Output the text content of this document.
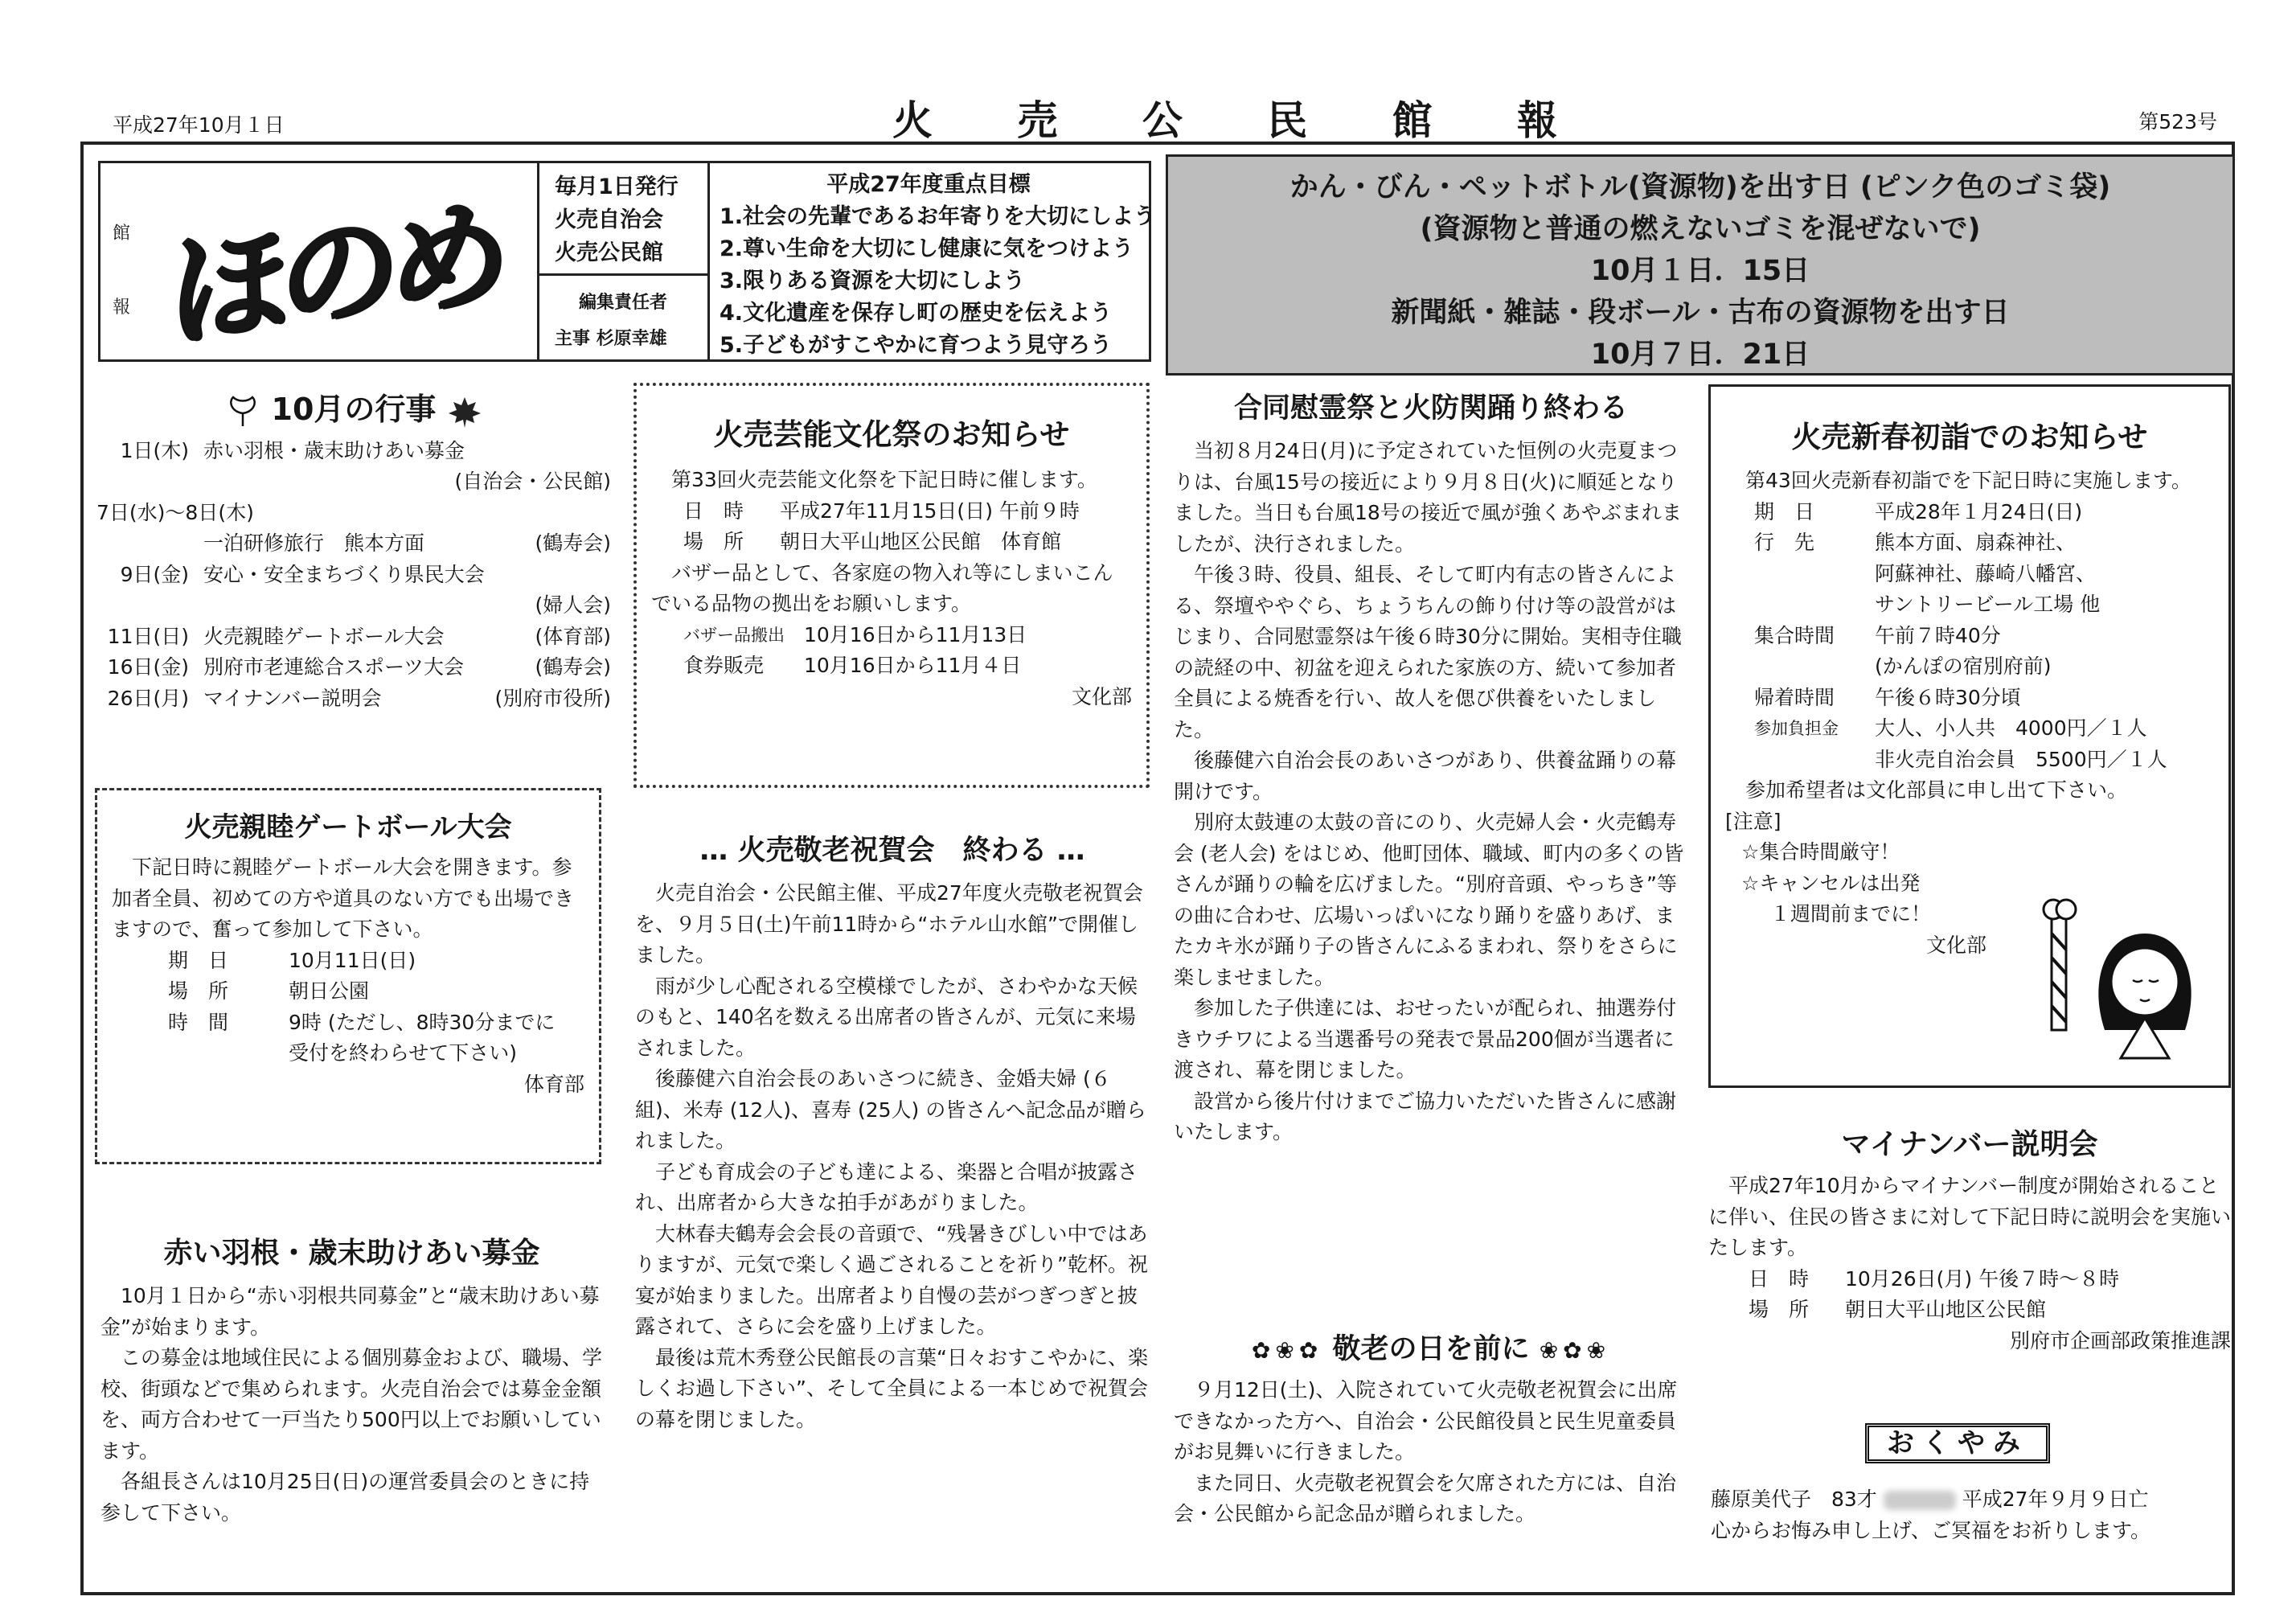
平成27年10月１日	火 売 公 民 館 報	第523号
館
報 ほのめ 毎月1日発行
火売自治会
火売公民館
編集責任者
主事 杉原幸雄
平成27年度重点目標
1.社会の先輩であるお年寄りを大切にしよう
2.尊い生命を大切にし健康に気をつけよう
3.限りある資源を大切にしよう
4.文化遺産を保存し町の歴史を伝えよう
5.子どもがすこやかに育つよう見守ろう
かん・びん・ペットボトル(資源物)を出す日 (ピンク色のゴミ袋)
(資源物と普通の燃えないゴミを混ぜないで)
10月１日．15日
新聞紙・雑誌・段ボール・古布の資源物を出す日
10月７日．21日
10月の行事
1日(木) 赤い羽根・歳末助けあい募金
(自治会・公民館)
7日(水)～8日(木)
一泊研修旅行　熊本方面	(鶴寿会)
9日(金) 安心・安全まちづくり県民大会
(婦人会)
11日(日) 火売親睦ゲートボール大会	(体育部)
16日(金) 別府市老連総合スポーツ大会	(鶴寿会)
26日(月) マイナンバー説明会	(別府市役所)
火売親睦ゲートボール大会
下記日時に親睦ゲートボール大会を開きます。参加者全員、初めての方や道具のない方でも出場できますので、奮って参加して下さい。
期　日	10月11日(日)
場　所	朝日公園
時　間	9時 (ただし、8時30分までに
受付を終わらせて下さい)
体育部
赤い羽根・歳末助けあい募金
10月１日から“赤い羽根共同募金”と“歳末助けあい募金”が始まります。
この募金は地域住民による個別募金および、職場、学校、街頭などで集められます。火売自治会では募金金額を、両方合わせて一戸当たり500円以上でお願いしています。
各組長さんは10月25日(日)の運営委員会のときに持参して下さい。
火売芸能文化祭のお知らせ
第33回火売芸能文化祭を下記日時に催します。
日　時	平成27年11月15日(日) 午前９時
場　所	朝日大平山地区公民館　体育館
バザー品として、各家庭の物入れ等にしまいこんでいる品物の拠出をお願いします。
バザー品搬出 10月16日から11月13日
食券販売	10月16日から11月４日
文化部
… 火売敬老祝賀会　終わる …
火売自治会・公民館主催、平成27年度火売敬老祝賀会を、９月５日(土)午前11時から“ホテル山水館”で開催しました。
雨が少し心配される空模様でしたが、さわやかな天候のもと、140名を数える出席者の皆さんが、元気に来場されました。
後藤健六自治会長のあいさつに続き、金婚夫婦 (６組)、米寿 (12人)、喜寿 (25人) の皆さんへ記念品が贈られました。
子ども育成会の子ども達による、楽器と合唱が披露され、出席者から大きな拍手があがりました。
大林春夫鶴寿会会長の音頭で、“残暑きびしい中ではありますが、元気で楽しく過ごされることを祈り”乾杯。祝宴が始まりました。出席者より自慢の芸がつぎつぎと披露されて、さらに会を盛り上げました。
最後は荒木秀登公民館長の言葉“日々おすこやかに、楽しくお過し下さい”、そして全員による一本じめで祝賀会の幕を閉じました。
合同慰霊祭と火防関踊り終わる
当初８月24日(月)に予定されていた恒例の火売夏まつりは、台風15号の接近により９月８日(火)に順延となりました。当日も台風18号の接近で風が強くあやぶまれましたが、決行されました。
午後３時、役員、組長、そして町内有志の皆さんによる、祭壇ややぐら、ちょうちんの飾り付け等の設営がはじまり、合同慰霊祭は午後６時30分に開始。実相寺住職の読経の中、初盆を迎えられた家族の方、続いて参加者全員による焼香を行い、故人を偲び供養をいたしました。
後藤健六自治会長のあいさつがあり、供養盆踊りの幕開けです。
別府太鼓連の太鼓の音にのり、火売婦人会・火売鶴寿会 (老人会) をはじめ、他町団体、職域、町内の多くの皆さんが踊りの輪を広げました。“別府音頭、やっちき”等の曲に合わせ、広場いっぱいになり踊りを盛りあげ、またカキ氷が踊り子の皆さんにふるまわれ、祭りをさらに楽しませました。
参加した子供達には、おせったいが配られ、抽選券付きウチワによる当選番号の発表で景品200個が当選者に渡され、幕を閉じました。
設営から後片付けまでご協力いただいた皆さんに感謝いたします。
✿❀✿ 敬老の日を前に ❀✿❀
９月12日(土)、入院されていて火売敬老祝賀会に出席できなかった方へ、自治会・公民館役員と民生児童委員がお見舞いに行きました。
また同日、火売敬老祝賀会を欠席された方には、自治会・公民館から記念品が贈られました。
火売新春初詣でのお知らせ
第43回火売新春初詣でを下記日時に実施します。
期　日	平成28年１月24日(日)
行　先	熊本方面、扇森神社、
阿蘇神社、藤崎八幡宮、
サントリービール工場 他
集合時間	午前７時40分
(かんぽの宿別府前)
帰着時間	午後６時30分頃
参加負担金	大人、小人共　4000円／１人
非火売自治会員　5500円／１人
参加希望者は文化部員に申し出て下さい。
[注意]
☆集合時間厳守！
☆キャンセルは出発
１週間前までに！
文化部
マイナンバー説明会
平成27年10月からマイナンバー制度が開始されることに伴い、住民の皆さまに対して下記日時に説明会を実施いたします。
日　時	10月26日(月) 午後７時～８時
場　所	朝日大平山地区公民館
別府市企画部政策推進課
おくやみ
藤原美代子　83才	平成27年９月９日亡
心からお悔み申し上げ、ご冥福をお祈りします。
